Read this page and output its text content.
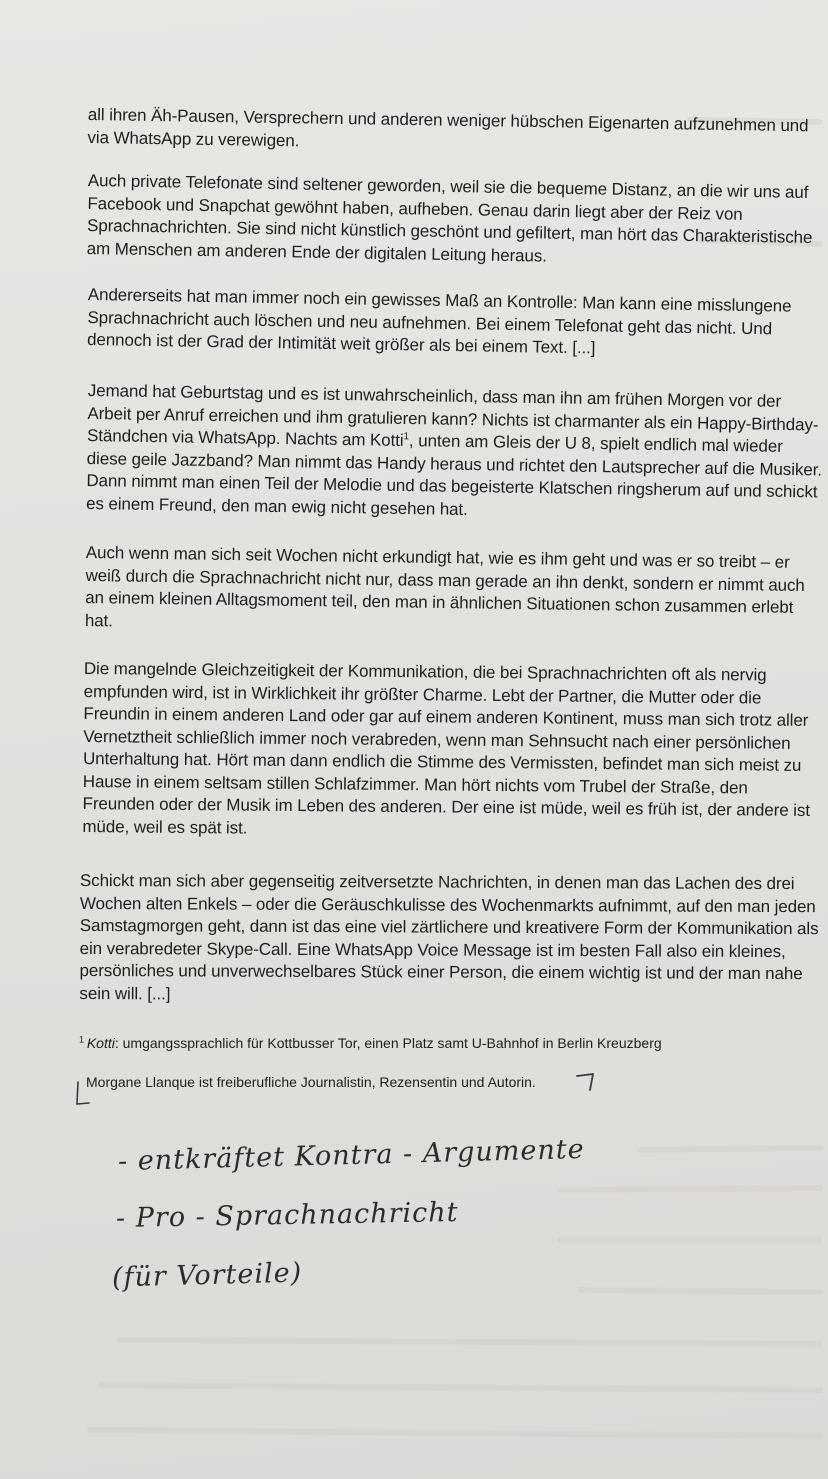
all ihren Äh-Pausen, Versprechern und anderen weniger hübschen Eigenarten aufzunehmen und via WhatsApp zu verewigen.

Auch private Telefonate sind seltener geworden, weil sie die bequeme Distanz, an die wir uns auf Facebook und Snapchat gewöhnt haben, aufheben. Genau darin liegt aber der Reiz von Sprachnachrichten. Sie sind nicht künstlich geschönt und gefiltert, man hört das Charakteristische am Menschen am anderen Ende der digitalen Leitung heraus.

Andererseits hat man immer noch ein gewisses Maß an Kontrolle: Man kann eine misslungene Sprachnachricht auch löschen und neu aufnehmen. Bei einem Telefonat geht das nicht. Und dennoch ist der Grad der Intimität weit größer als bei einem Text. [...]

Jemand hat Geburtstag und es ist unwahrscheinlich, dass man ihn am frühen Morgen vor der Arbeit per Anruf erreichen und ihm gratulieren kann? Nichts ist charmanter als ein Happy-Birthday-Ständchen via WhatsApp. Nachts am Kotti$^1$, unten am Gleis der U 8, spielt endlich mal wieder diese geile Jazzband? Man nimmt das Handy heraus und richtet den Lautsprecher auf die Musiker. Dann nimmt man einen Teil der Melodie und das begeisterte Klatschen ringsherum auf und schickt es einem Freund, den man ewig nicht gesehen hat.

Auch wenn man sich seit Wochen nicht erkundigt hat, wie es ihm geht und was er so treibt – er weiß durch die Sprachnachricht nicht nur, dass man gerade an ihn denkt, sondern er nimmt auch an einem kleinen Alltagsmoment teil, den man in ähnlichen Situationen schon zusammen erlebt hat.

Die mangelnde Gleichzeitigkeit der Kommunikation, die bei Sprachnachrichten oft als nervig empfunden wird, ist in Wirklichkeit ihr größter Charme. Lebt der Partner, die Mutter oder die Freundin in einem anderen Land oder gar auf einem anderen Kontinent, muss man sich trotz aller Vernetztheit schließlich immer noch verabreden, wenn man Sehnsucht nach einer persönlichen Unterhaltung hat. Hört man dann endlich die Stimme des Vermissten, befindet man sich meist zu Hause in einem seltsam stillen Schlafzimmer. Man hört nichts vom Trubel der Straße, den Freunden oder der Musik im Leben des anderen. Der eine ist müde, weil es früh ist, der andere ist müde, weil es spät ist.

Schickt man sich aber gegenseitig zeitversetzte Nachrichten, in denen man das Lachen des drei Wochen alten Enkels – oder die Geräuschkulisse des Wochenmarkts aufnimmt, auf den man jeden Samstagmorgen geht, dann ist das eine viel zärtlichere und kreativere Form der Kommunikation als ein verabredeter Skype-Call. Eine WhatsApp Voice Message ist im besten Fall also ein kleines, persönliches und unverwechselbares Stück einer Person, die einem wichtig ist und der man nahe sein will. [...]

$^1$  Kotti: umgangssprachlich für Kottbusser Tor, einen Platz samt U-Bahnhof in Berlin Kreuzberg
Morgane Llanque ist freiberufliche Journalistin, Rezensentin und Autorin.
- entkräftet Kontra - Argumente
- Pro - Sprachnachricht
(für Vorteile)
